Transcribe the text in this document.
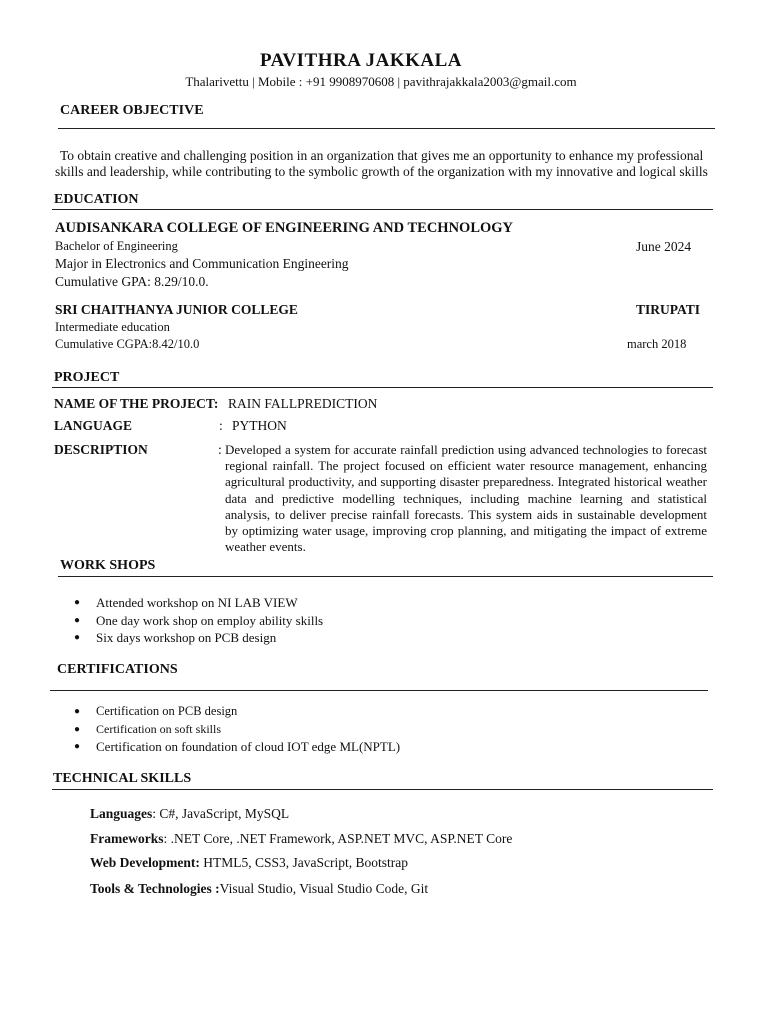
PAVITHRA JAKKALA
Thalarivettu | Mobile : +91 9908970608 | pavithrajakkala2003@gmail.com
CAREER OBJECTIVE
To obtain creative and challenging position in an organization that gives me an opportunity to enhance my professional
skills and leadership, while contributing to the symbolic growth of the organization with my innovative and logical skills
EDUCATION
AUDISANKARA COLLEGE OF ENGINEERING AND TECHNOLOGY
Bachelor of Engineering	June 2024
Major in Electronics and Communication Engineering
Cumulative GPA: 8.29/10.0.
SRI CHAITHANYA JUNIOR COLLEGE	TIRUPATI
Intermediate education
Cumulative CGPA:8.42/10.0	march 2018
PROJECT
NAME OF THE PROJECT: RAIN FALLPREDICTION
LANGUAGE	: PYTHON
DESCRIPTION	: Developed a system for accurate rainfall prediction using advanced technologies to forecast regional rainfall. The project focused on efficient water resource management, enhancing agricultural productivity, and supporting disaster preparedness. Integrated historical weather data and predictive modelling techniques, including machine learning and statistical analysis, to deliver precise rainfall forecasts. This system aids in sustainable development by optimizing water usage, improving crop planning, and mitigating the impact of extreme weather events.
WORK SHOPS
● Attended workshop on NI LAB VIEW
● One day work shop on employ ability skills
● Six days workshop on PCB design
CERTIFICATIONS
● Certification on PCB design
● Certification on soft skills
● Certification on foundation of cloud IOT edge ML(NPTL)
TECHNICAL SKILLS
Languages: C#, JavaScript, MySQL
Frameworks: .NET Core, .NET Framework, ASP.NET MVC, ASP.NET Core
Web Development: HTML5, CSS3, JavaScript, Bootstrap
Tools & Technologies :Visual Studio, Visual Studio Code, Git
